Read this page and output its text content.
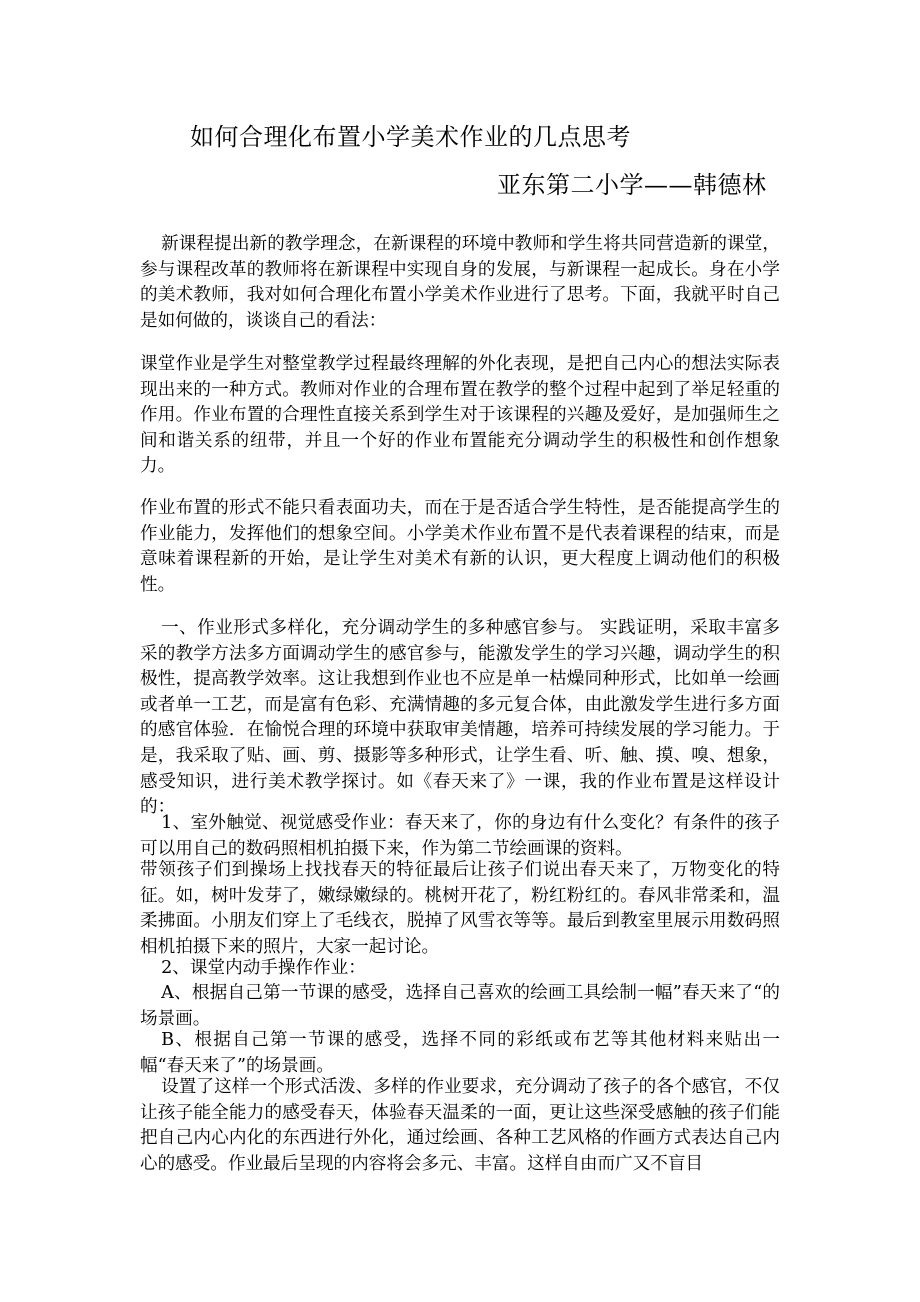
如何合理化布置小学美术作业的几点思考
亚东第二小学——韩德林

新课程提出新的教学理念，在新课程的环境中教师和学生将共同营造新的课堂，参与课程改革的教师将在新课程中实现自身的发展，与新课程一起成长。身在小学的美术教师，我对如何合理化布置小学美术作业进行了思考。下面，我就平时自己是如何做的，谈谈自己的看法：

课堂作业是学生对整堂教学过程最终理解的外化表现，是把自己内心的想法实际表现出来的一种方式。教师对作业的合理布置在教学的整个过程中起到了举足轻重的作用。作业布置的合理性直接关系到学生对于该课程的兴趣及爱好，是加强师生之间和谐关系的纽带，并且一个好的作业布置能充分调动学生的积极性和创作想象力。

作业布置的形式不能只看表面功夫，而在于是否适合学生特性，是否能提高学生的作业能力，发挥他们的想象空间。小学美术作业布置不是代表着课程的结束，而是意味着课程新的开始，是让学生对美术有新的认识，更大程度上调动他们的积极性。

一、作业形式多样化，充分调动学生的多种感官参与。 实践证明，采取丰富多采的教学方法多方面调动学生的感官参与，能激发学生的学习兴趣，调动学生的积极性，提高教学效率。这让我想到作业也不应是单一枯燥同种形式，比如单一绘画或者单一工艺，而是富有色彩、充满情趣的多元复合体，由此激发学生进行多方面的感官体验．在愉悦合理的环境中获取审美情趣，培养可持续发展的学习能力。于是，我采取了贴、画、剪、摄影等多种形式，让学生看、听、触、摸、嗅、想象，感受知识，进行美术教学探讨。如《春天来了》一课，我的作业布置是这样设计的：

1、室外触觉、视觉感受作业：春天来了，你的身边有什么变化？有条件的孩子可以用自己的数码照相机拍摄下来，作为第二节绘画课的资料。

带领孩子们到操场上找找春天的特征最后让孩子们说出春天来了，万物变化的特征。如，树叶发芽了，嫩绿嫩绿的。桃树开花了，粉红粉红的。春风非常柔和，温柔拂面。小朋友们穿上了毛线衣，脱掉了风雪衣等等。最后到教室里展示用数码照相机拍摄下来的照片，大家一起讨论。

2、课堂内动手操作作业：

A、根据自己第一节课的感受，选择自己喜欢的绘画工具绘制一幅”春天来了“的场景画。

B、根据自己第一节课的感受，选择不同的彩纸或布艺等其他材料来贴出一幅“春天来了”的场景画。

设置了这样一个形式活泼、多样的作业要求，充分调动了孩子的各个感官，不仅让孩子能全能力的感受春天，体验春天温柔的一面，更让这些深受感触的孩子们能把自己内心内化的东西进行外化，通过绘画、各种工艺风格的作画方式表达自己内心的感受。作业最后呈现的内容将会多元、丰富。这样自由而广又不盲目
